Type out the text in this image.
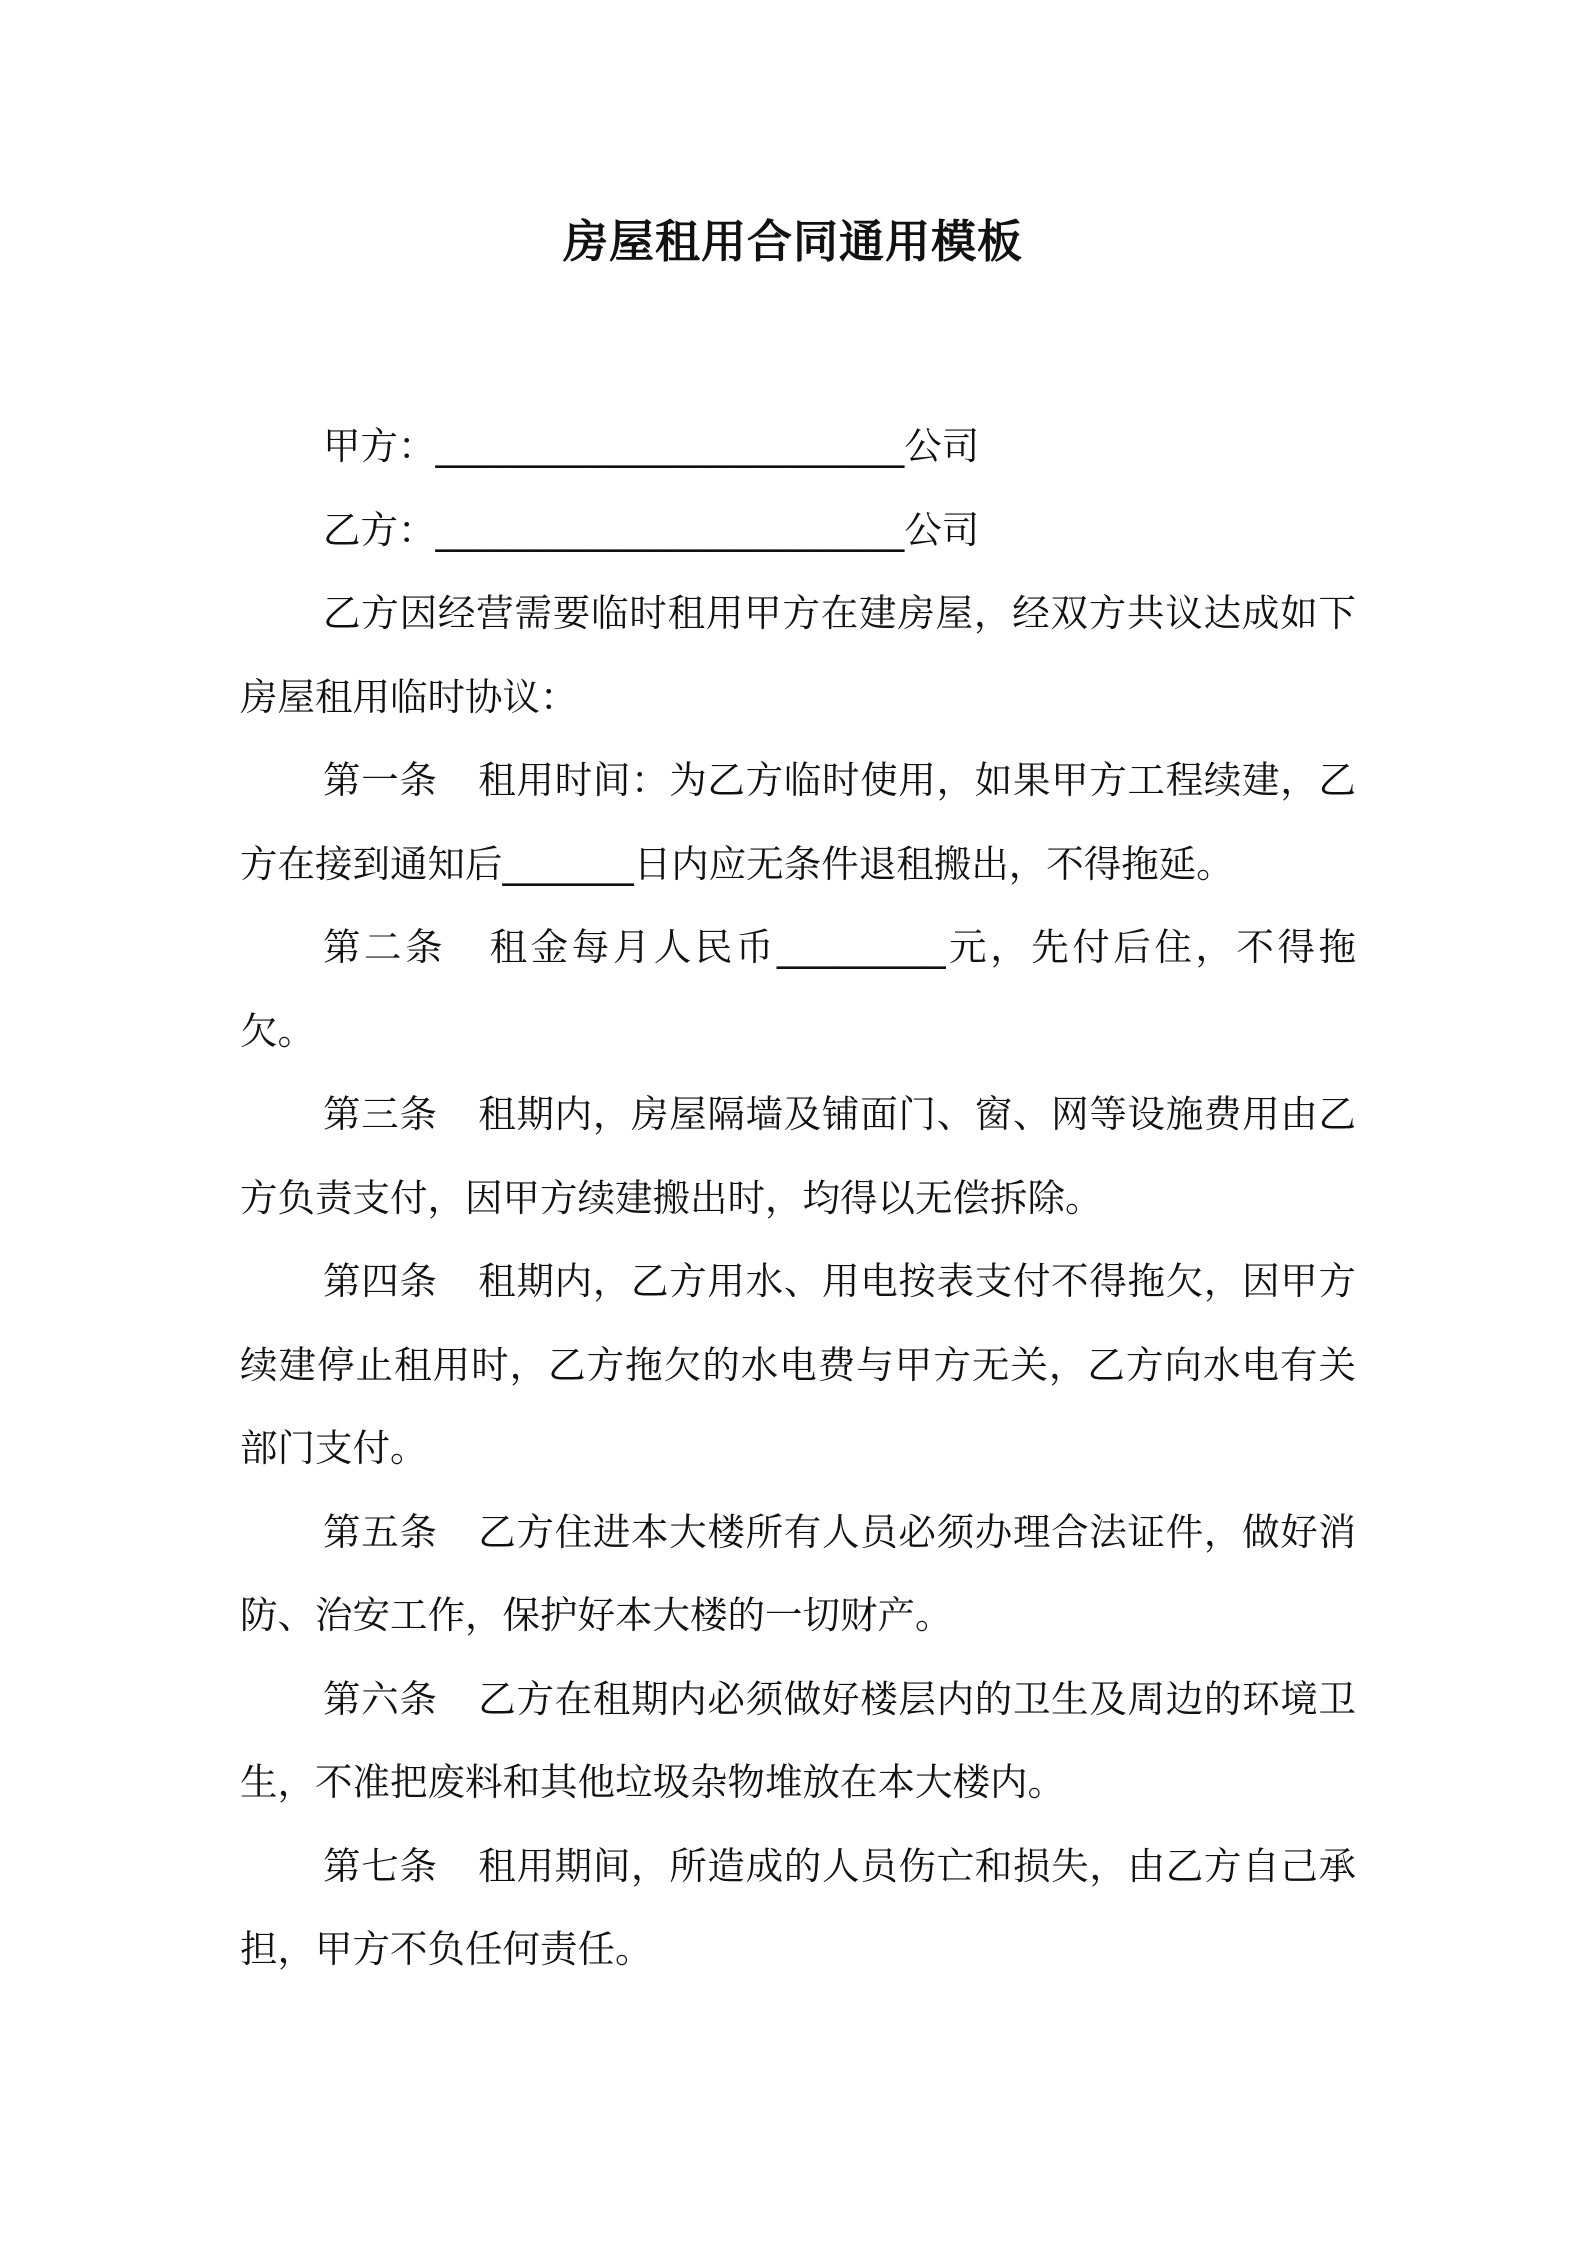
房屋租用合同通用模板

甲方：_________________________公司

乙方：_________________________公司

乙方因经营需要临时租用甲方在建房屋，经双方共议达成如下房屋租用临时协议：

第一条 租用时间：为乙方临时使用，如果甲方工程续建，乙方在接到通知后_______日内应无条件退租搬出，不得拖延。

第二条 租金每月人民币_________元，先付后住，不得拖欠。

第三条 租期内，房屋隔墙及铺面门、窗、网等设施费用由乙方负责支付，因甲方续建搬出时，均得以无偿拆除。

第四条 租期内，乙方用水、用电按表支付不得拖欠，因甲方续建停止租用时，乙方拖欠的水电费与甲方无关，乙方向水电有关部门支付。

第五条 乙方住进本大楼所有人员必须办理合法证件，做好消防、治安工作，保护好本大楼的一切财产。

第六条 乙方在租期内必须做好楼层内的卫生及周边的环境卫生，不准把废料和其他垃圾杂物堆放在本大楼内。

第七条 租用期间，所造成的人员伤亡和损失，由乙方自己承担，甲方不负任何责任。
